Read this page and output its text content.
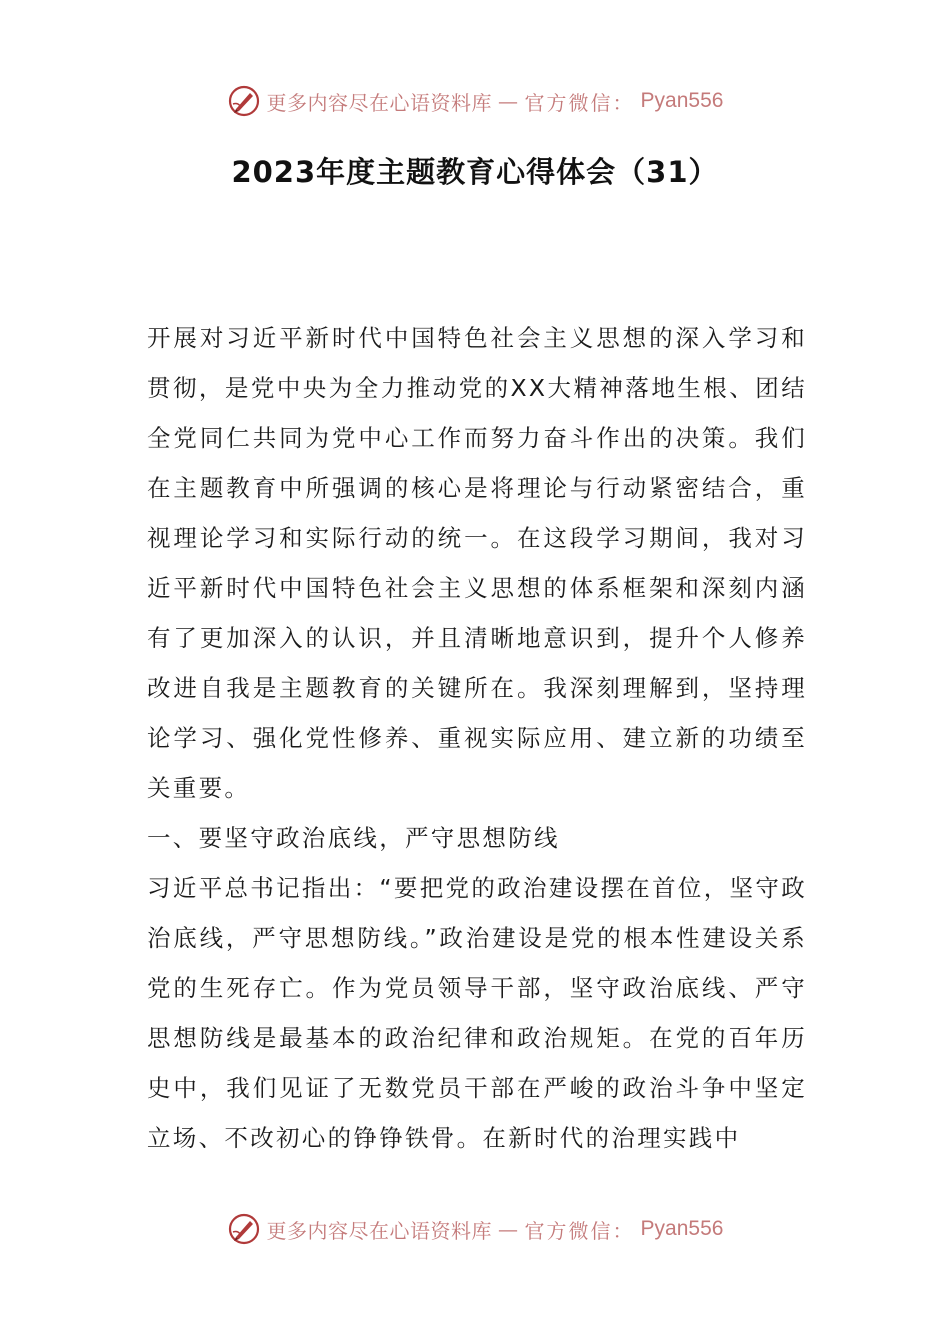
更多内容尽在心语资料库 — 官方微信： Pyan556
2023年度主题教育心得体会（31）

开展对习近平新时代中国特色社会主义思想的深入学习和贯彻，是党中央为全力推动党的XX大精神落地生根、团结全党同仁共同为党中心工作而努力奋斗作出的决策。我们在主题教育中所强调的核心是将理论与行动紧密结合，重视理论学习和实际行动的统一。在这段学习期间，我对习近平新时代中国特色社会主义思想的体系框架和深刻内涵有了更加深入的认识，并且清晰地意识到，提升个人修养改进自我是主题教育的关键所在。我深刻理解到，坚持理论学习、强化党性修养、重视实际应用、建立新的功绩至关重要。

一、要坚守政治底线，严守思想防线

习近平总书记指出：“要把党的政治建设摆在首位，坚守政治底线，严守思想防线。”政治建设是党的根本性建设关系党的生死存亡。作为党员领导干部，坚守政治底线、严守思想防线是最基本的政治纪律和政治规矩。在党的百年历史中，我们见证了无数党员干部在严峻的政治斗争中坚定立场、不改初心的铮铮铁骨。在新时代的治理实践中

更多内容尽在心语资料库 — 官方微信： Pyan556
